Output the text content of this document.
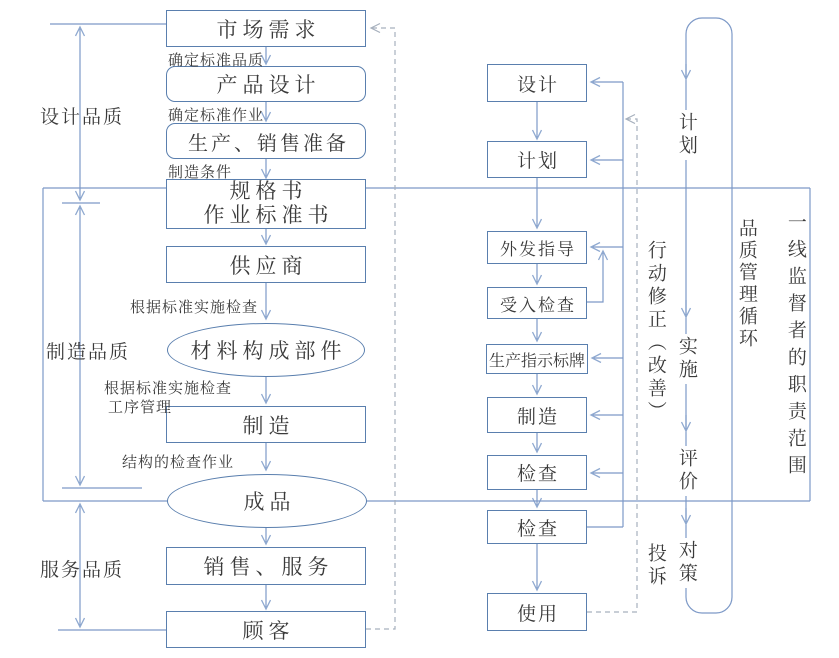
市场需求
产品设计
生产、销售准备
规格书
作业标准书
供应商
材料构成部件
制造
成品
销售、服务
顾客
确定标准品质
确定标准作业
制造条件
根据标准实施检查
根据标准实施检查
工序管理
结构的检查作业
设计品质
制造品质
服务品质
设计
计划
外发指导
受入检查
生产指示标牌
制造
检查
检查
使用
行动修正（改善）
计划
实施
评价
对策
投诉
品质管理循环 一线监督者的职责范围
